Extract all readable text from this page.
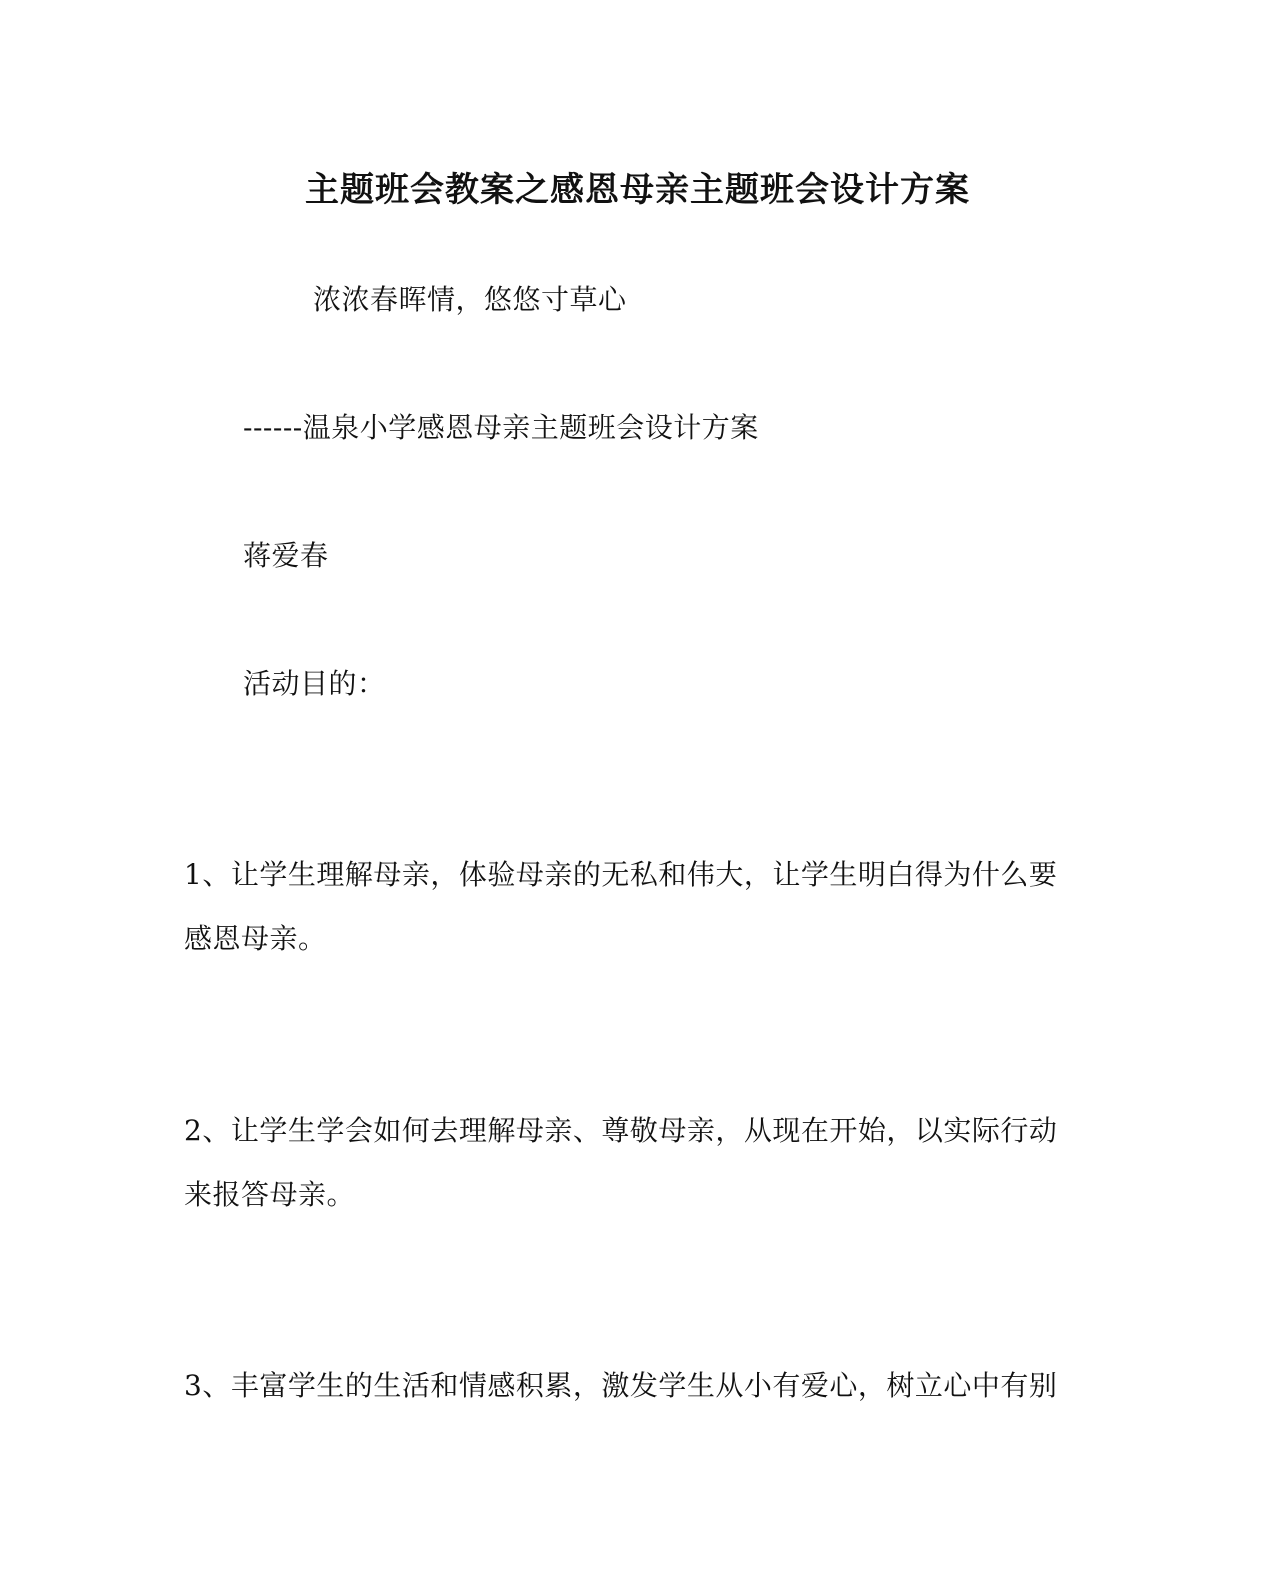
主题班会教案之感恩母亲主题班会设计方案
浓浓春晖情，悠悠寸草心
------温泉小学感恩母亲主题班会设计方案
蒋爱春
活动目的：
1、让学生理解母亲，体验母亲的无私和伟大，让学生明白得为什么要
感恩母亲。
2、让学生学会如何去理解母亲、尊敬母亲，从现在开始，以实际行动
来报答母亲。
3、丰富学生的生活和情感积累，激发学生从小有爱心，树立心中有别
